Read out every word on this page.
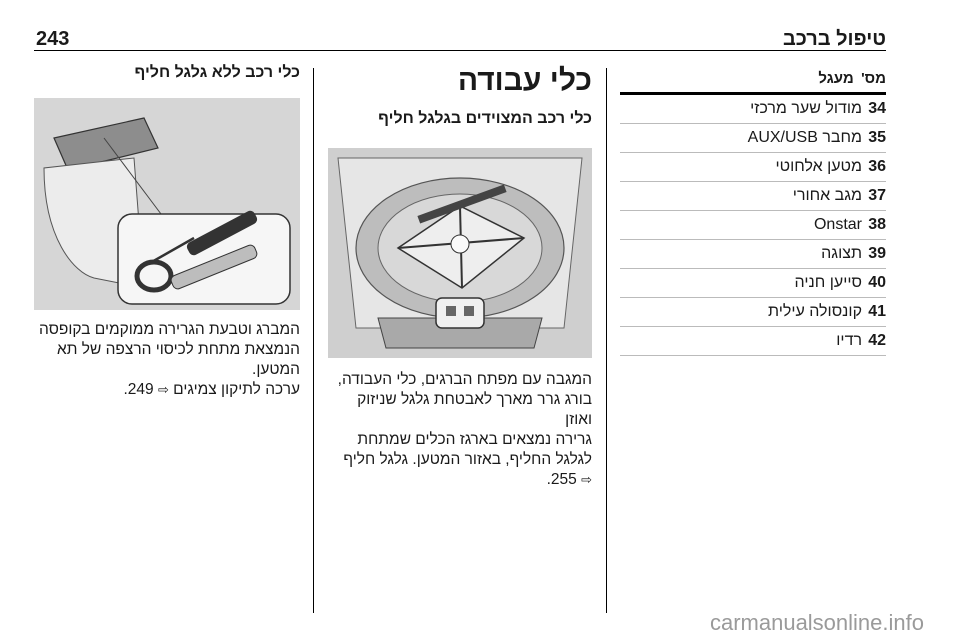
243	טיפול ברכב
מס' מעגל
34מודול שער מרכזי
35מחבר AUX/USB
36מטען אלחוטי
37מגב אחורי
38Onstar
39תצוגה
40סייען חניה
41קונסולה עילית
42רדיו
כלי עבודה
כלי רכב המצוידים בגלגל חליף
המגבה עם מפתח הברגים, כלי העבודה,
בורג גרר מארך לאבטחת גלגל שניזוק ואוזן
גרירה נמצאים בארגז הכלים שמתחת
לגלגל החליף, באזור המטען. גלגל חליף
⇨ 255.
כלי רכב ללא גלגל חליף
המברג וטבעת הגרירה ממוקמים בקופסה
הנמצאת מתחת לכיסוי הרצפה של תא
המטען.
ערכה לתיקון צמיגים ⇨ 249.
carmanualsonline.info
